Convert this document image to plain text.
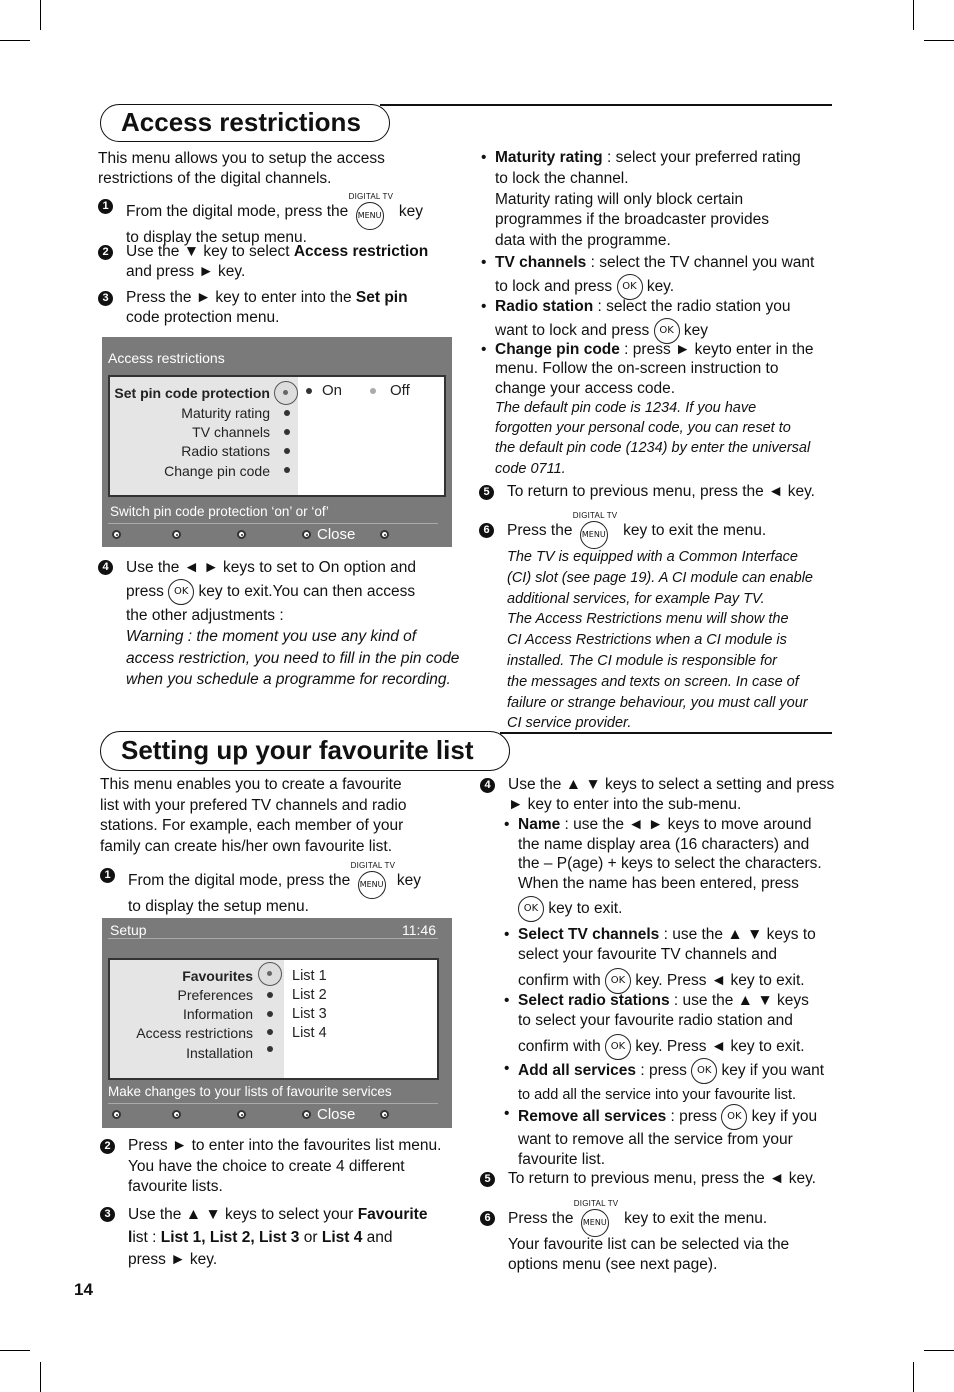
Access restrictions

This menu allows you to setup the access restrictions of the digital channels.

1 From the digital mode, press the
DIGITAL TV
MENU key
to display the setup menu.
2 Use the ▼ key to select Access restriction
and press ► key.
3 Press the ► key to enter into the Set pin
code protection menu.
Access restrictions
Set pin code protection
Maturity rating
TV channels
Radio stations
Change pin code
On	Off
Switch pin code protection ‘on’ or ‘of’
Close
4 Use the ◄ ► keys to set to On option and
press OK key to exit.You can then access
the other adjustments :
Warning : the moment you use any kind of
access restriction, you need to fill in the pin code
when you schedule a programme for recording.
• Maturity rating : select your preferred rating
to lock the channel.
Maturity rating will only block certain
programmes if the broadcaster provides
data with the programme.
• TV channels : select the TV channel you want
to lock and press OK key.
• Radio station : select the radio station you
want to lock and press OK key
• Change pin code : press ► keyto enter in the
menu. Follow the on-screen instruction to
change your access code.
The default pin code is 1234. If you have
forgotten your personal code, you can reset to
the default pin code (1234) by enter the universal
code 0711.
5 To return to previous menu, press the ◄ key.
6 Press the
DIGITAL TV
MENU key to exit the menu.
The TV is equipped with a Common Interface
(CI) slot (see page 19). A CI module can enable
additional services, for example Pay TV.
The Access Restrictions menu will show the
CI Access Restrictions when a CI module is
installed. The CI module is responsible for
the messages and texts on screen. In case of
failure or strange behaviour, you must call your
CI service provider.
Setting up your favourite list

This menu enables you to create a favourite

list with your prefered TV channels and radio

stations. For example, each member of your

family can create his/her own favourite list.

1 From the digital mode, press the
DIGITAL TV
MENU key
to display the setup menu.
Setup	11:46
Favourites
Preferences
Information
Access restrictions
Installation
List 1
List 2
List 3
List 4
Make changes to your lists of favourite services
Close
2 Press ► to enter into the favourites list menu.
You have the choice to create 4 different
favourite lists.
3 Use the ▲ ▼ keys to select your Favourite
list : List 1, List 2, List 3 or List 4 and
press ► key.
4 Use the ▲ ▼ keys to select a setting and press
► key to enter into the sub-menu.
• Name : use the ◄ ► keys to move around
the name display area (16 characters) and
the – P(age) + keys to select the characters.
When the name has been entered, press
OK key to exit.
• Select TV channels : use the ▲ ▼ keys to
select your favourite TV channels and
confirm with OK key. Press ◄ key to exit.
• Select radio stations : use the ▲ ▼ keys
to select your favourite radio station and
confirm with OK key. Press ◄ key to exit.
• Add all services : press OK key if you want
to add all the service into your favourite list.
• Remove all services : press OK key if you
want to remove all the service from your
favourite list.
5 To return to previous menu, press the ◄ key.
6 Press the
DIGITAL TV
MENU key to exit the menu.
Your favourite list can be selected via the
options menu (see next page).
14
